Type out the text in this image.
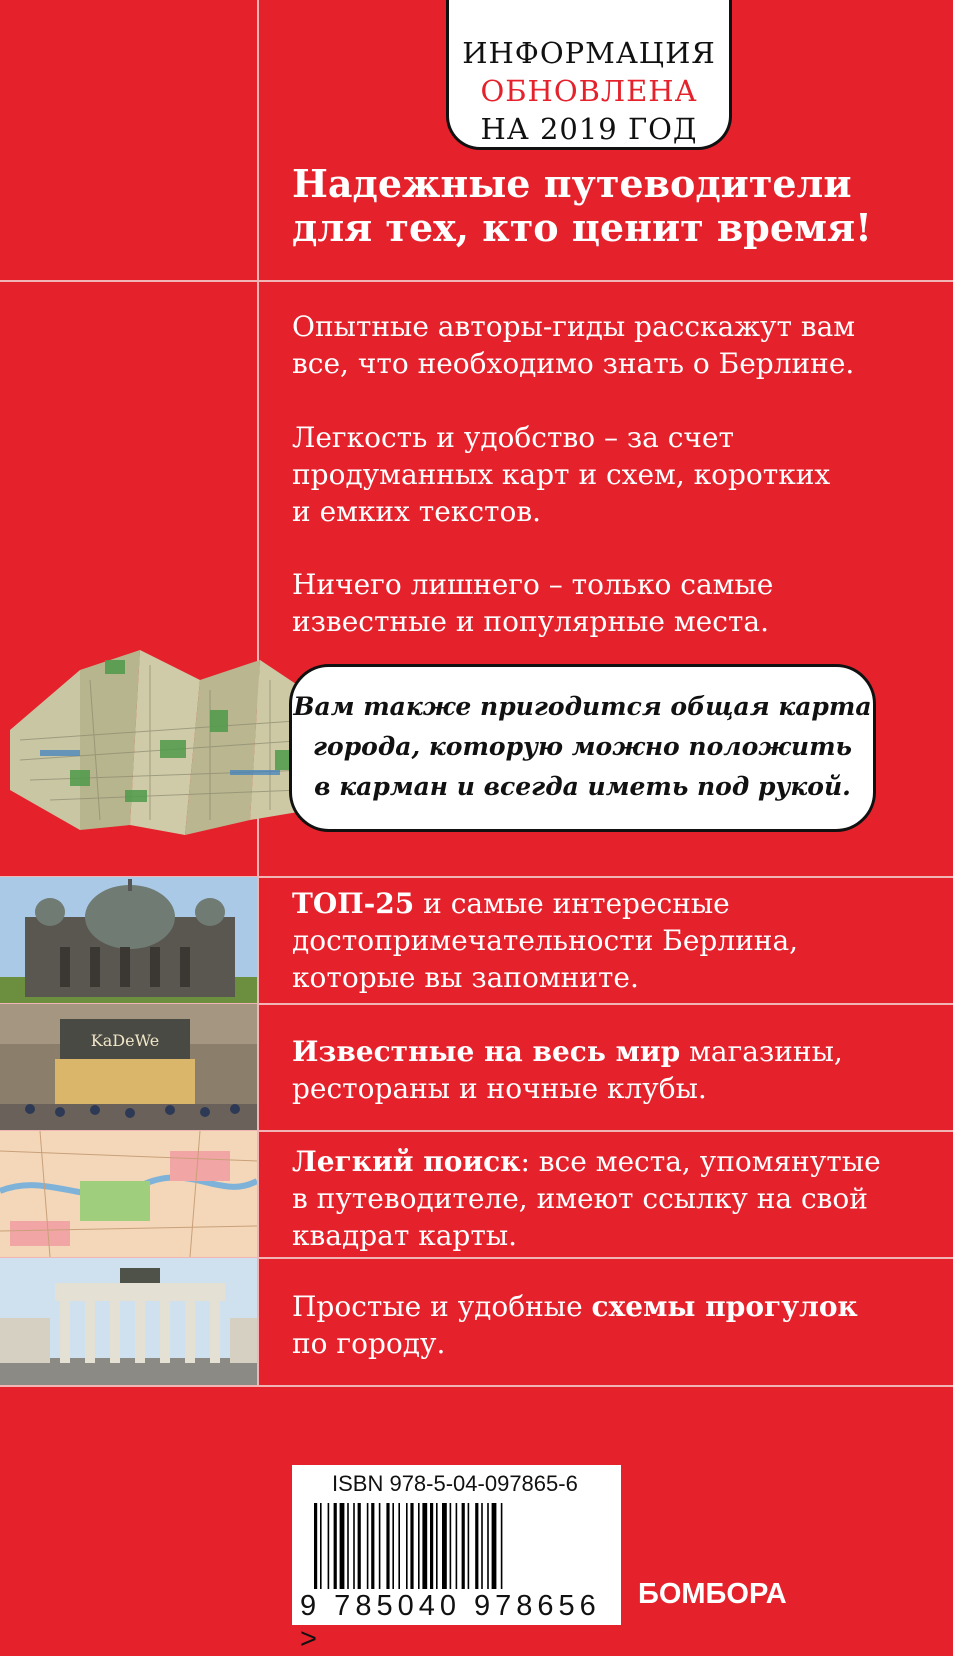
ИНФОРМАЦИЯ
ОБНОВЛЕНА
НА 2019 ГОД
Надежные путеводители
для тех, кто ценит время!
Опытные авторы-гиды расскажут вам
все, что необходимо знать о Берлине.
Легкость и удобство – за счет
продуманных карт и схем, коротких
и емких текстов.
Ничего лишнего – только самые
известные и популярные места.
Вам также пригодится общая карта
города, которую можно положить
в карман и всегда иметь под рукой.
KaDeWe
ТОП-25 и самые интересные
достопримечательности Берлина,
которые вы запомните.
Известные на весь мир магазины,
рестораны и ночные клубы.
Легкий поиск: все места, упомянутые
в путеводителе, имеют ссылку на свой
квадрат карты.
Простые и удобные схемы прогулок
по городу.
ISBN 978-5-04-097865-6
9 785040 978656 >
БОМБОРА
